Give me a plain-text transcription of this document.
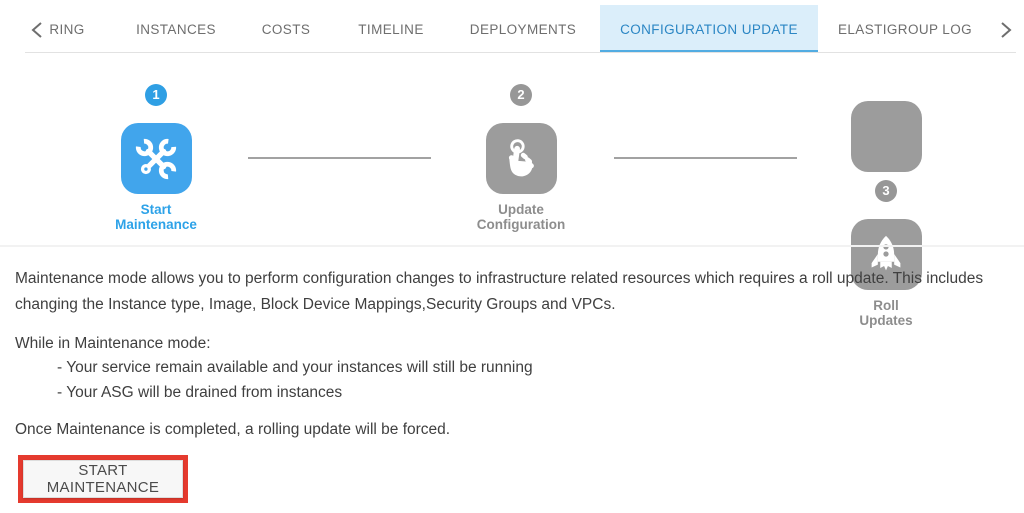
RING	INSTANCES	COSTS	TIMELINE	DEPLOYMENTS	CONFIGURATION UPDATE	ELASTIGROUP LOG
1
Start
Maintenance
2
Update
Configuration
3
Roll
Updates
Maintenance mode allows you to perform configuration changes to infrastructure related resources which requires a roll update. This includes changing the Instance type, Image, Block Device Mappings,Security Groups and VPCs.
While in Maintenance mode:
- Your service remain available and your instances will still be running
- Your ASG will be drained from instances
Once Maintenance is completed, a rolling update will be forced.
START MAINTENANCE
